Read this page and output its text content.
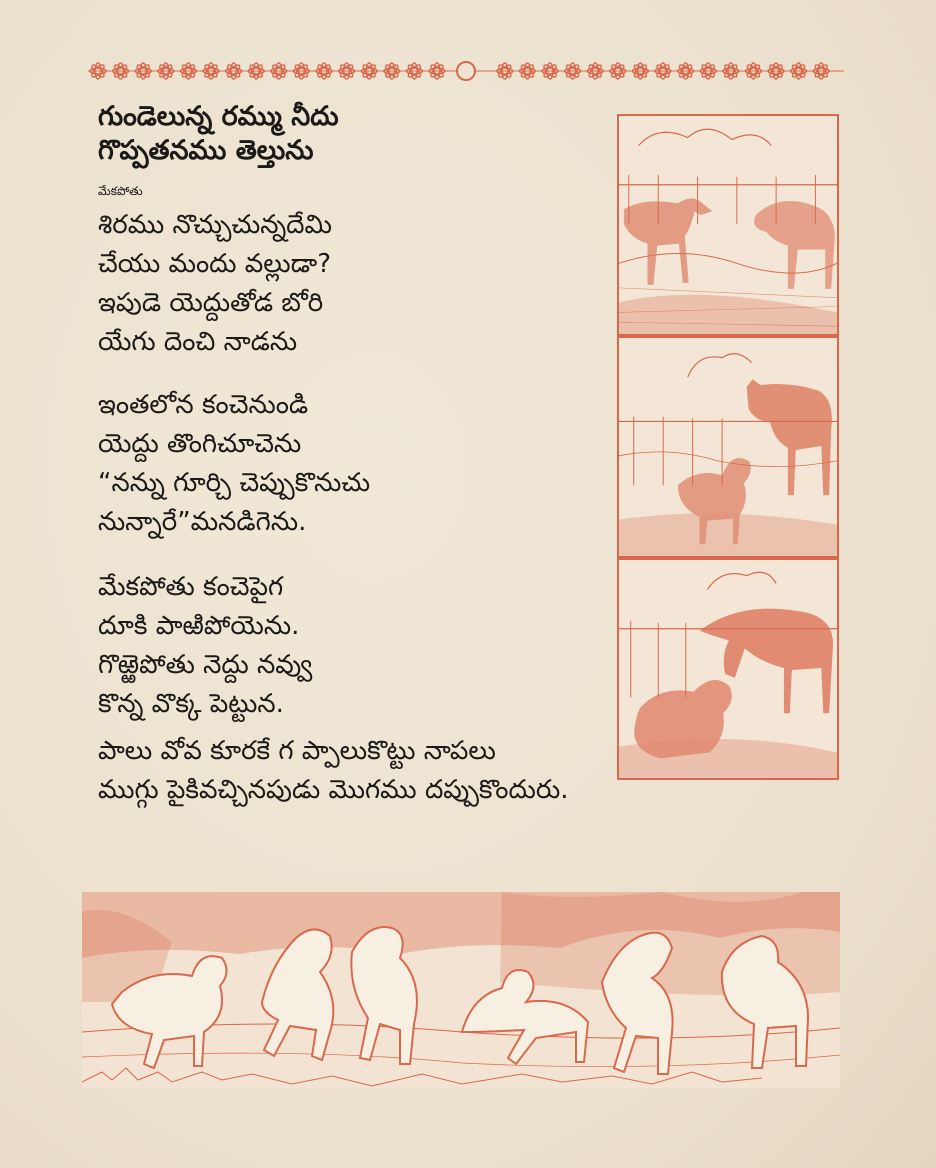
గుండెలున్న రమ్ము నీదు
గొప్పతనము తెల్తును
మేకపోతు
శిరము నొచ్చుచున్నదేమి
చేయు మందు వల్లుడా?
ఇపుడె యెద్దుతోడ బోరి
యేగు దెంచి నాడను
ఇంతలోన కంచెనుండి
యెద్దు తొంగిచూచెను
“నన్ను గూర్చి చెప్పుకొనుచు
నున్నారే”మనడిగెను.
మేకపోతు కంచెపైగ
దూకి పాఱిపోయెను.
గొఱ్ఱెపోతు నెద్దు నవ్వు
కొన్న వొక్క పెట్టున.
పాలు వోవ కూరకే గ ప్పాలుకొట్టు నాపలు
ముగ్గు పైకివచ్చినపుడు మొగము దప్పుకొందురు.
